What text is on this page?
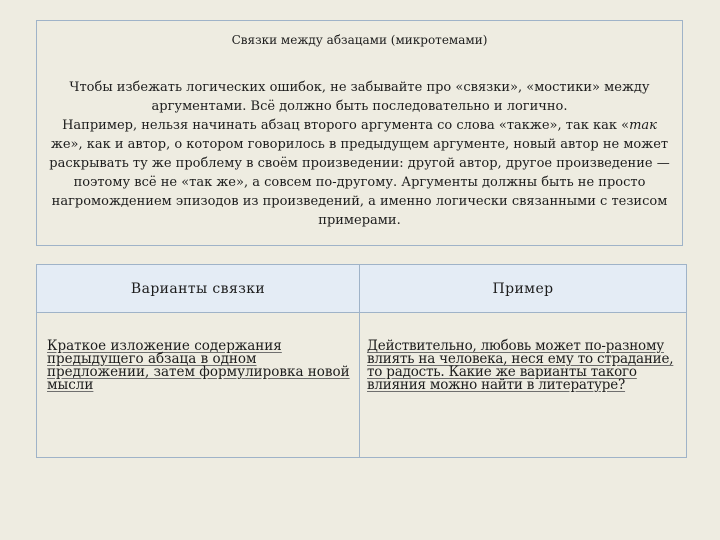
Связки между абзацами (микротемами)

Чтобы избежать логических ошибок, не забывайте про «связки», «мостики» между аргументами. Всё должно быть последовательно и логично.

Например, нельзя начинать абзац второго аргумента со слова «также», так как «так же», как и автор, о котором говорилось в предыдущем аргументе, новый автор не может раскрывать ту же проблему в своём произведении: другой автор, другое произведение — поэтому всё не «так же», а совсем по-другому. Аргументы должны быть не просто нагромождением эпизодов из произведений, а именно логически связанными с тезисом примерами.

Варианты связки	Пример

Краткое изложение содержания предыдущего абзаца в одном предложении, затем формулировка новой мысли	Действительно, любовь может по-разному влиять на человека, неся ему то страдание, то радость. Какие же варианты такого влияния можно найти в литературе?
